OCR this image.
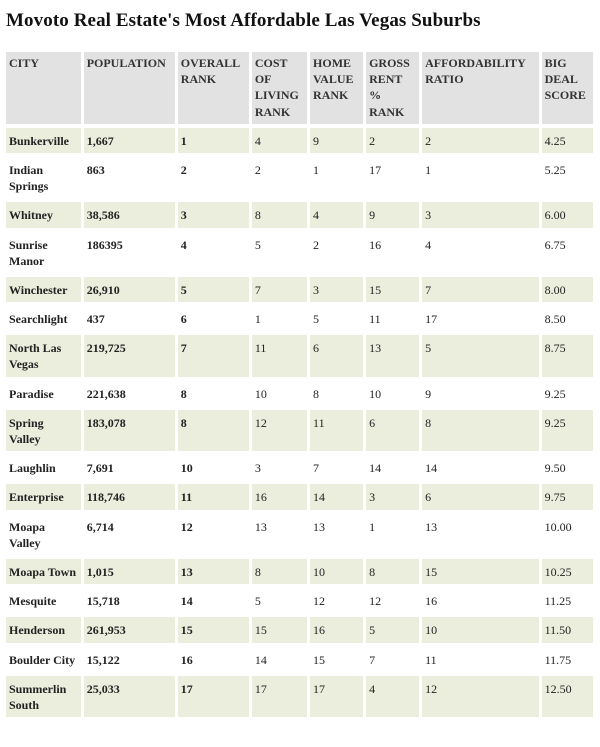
Movoto Real Estate's Most Affordable Las Vegas Suburbs
CITY	POPULATION	OVERALL RANK	COST OF LIVING RANK	HOME VALUE RANK	GROSS RENT % RANK	AFFORDABILITY RATIO	BIG DEAL SCORE
Bunkerville	1,667	1	4	9	2	2	4.25
Indian Springs	863	2	2	1	17	1	5.25
Whitney	38,586	3	8	4	9	3	6.00
Sunrise Manor	186395	4	5	2	16	4	6.75
Winchester	26,910	5	7	3	15	7	8.00
Searchlight	437	6	1	5	11	17	8.50
North Las Vegas	219,725	7	11	6	13	5	8.75
Paradise	221,638	8	10	8	10	9	9.25
Spring Valley	183,078	8	12	11	6	8	9.25
Laughlin	7,691	10	3	7	14	14	9.50
Enterprise	118,746	11	16	14	3	6	9.75
Moapa Valley	6,714	12	13	13	1	13	10.00
Moapa Town	1,015	13	8	10	8	15	10.25
Mesquite	15,718	14	5	12	12	16	11.25
Henderson	261,953	15	15	16	5	10	11.50
Boulder City	15,122	16	14	15	7	11	11.75
Summerlin South	25,033	17	17	17	4	12	12.50
